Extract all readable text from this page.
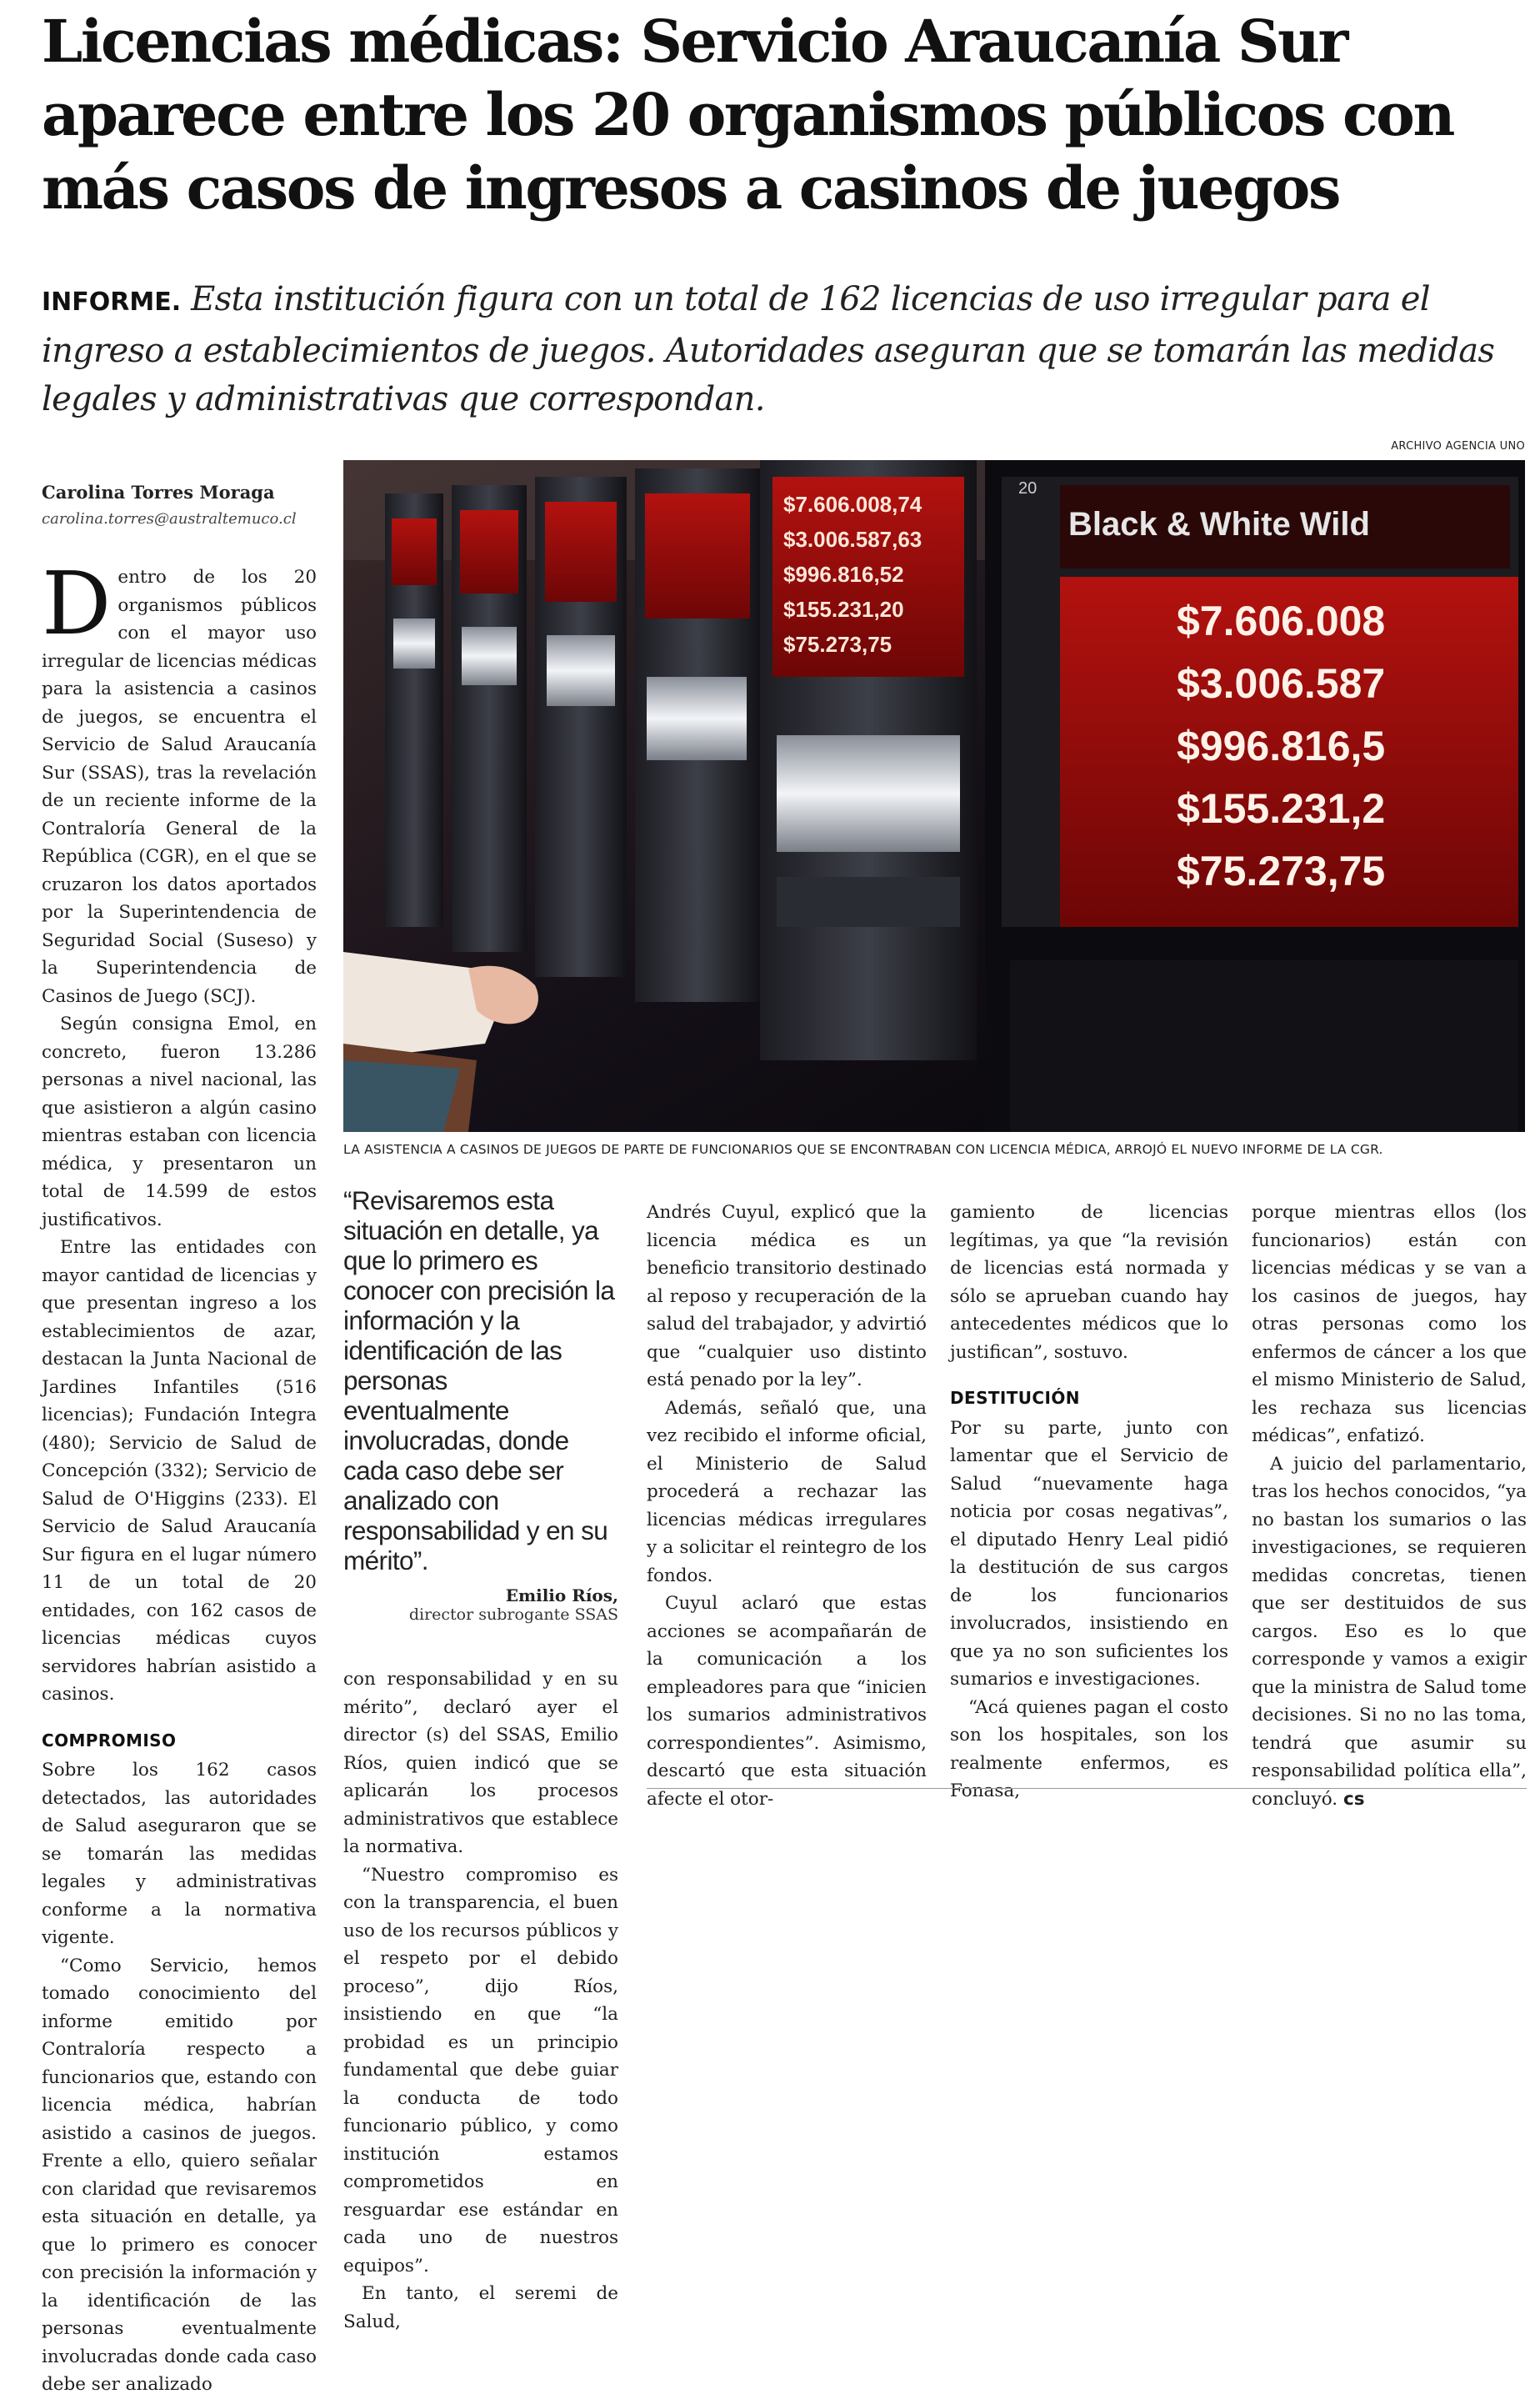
Licencias médicas: Servicio Araucanía Sur aparece entre los 20 organismos públicos con más casos de ingresos a casinos de juegos

INFORME. Esta institución figura con un total de 162 licencias de uso irregular para el ingreso a establecimientos de juegos. Autoridades aseguran que se tomarán las medidas legales y administrativas que correspondan.

ARCHIVO AGENCIA UNO
Carolina Torres Moraga
carolina.torres@australtemuco.cl
$7.606.008,74
$3.006.587,63
$996.816,52
$155.231,20
$75.273,75
20
Black & White Wild
$7.606.008
$3.006.587
$996.816,5
$155.231,2
$75.273,75
LA ASISTENCIA A CASINOS DE JUEGOS DE PARTE DE FUNCIONARIOS QUE SE ENCONTRABAN CON LICENCIA MÉDICA, ARROJÓ EL NUEVO INFORME DE LA CGR.

Dentro de los 20 organismos públicos con el mayor uso irregular de licencias médicas para la asistencia a casinos de juegos, se encuentra el Servicio de Salud Araucanía Sur (SSAS), tras la revelación de un reciente informe de la Contraloría General de la República (CGR), en el que se cruzaron los datos aportados por la Superintendencia de Seguridad Social (Suseso) y la Superintendencia de Casinos de Juego (SCJ).

Según consigna Emol, en concreto, fueron 13.286 personas a nivel nacional, las que asistieron a algún casino mientras estaban con licencia médica, y presentaron un total de 14.599 de estos justificativos.

Entre las entidades con mayor cantidad de licencias y que presentan ingreso a los establecimientos de azar, destacan la Junta Nacional de Jardines Infantiles (516 licencias); Fundación Integra (480); Servicio de Salud de Concepción (332); Servicio de Salud de O'Higgins (233). El Servicio de Salud Araucanía Sur figura en el lugar número 11 de un total de 20 entidades, con 162 casos de licencias médicas cuyos servidores habrían asistido a casinos.

COMPROMISO

Sobre los 162 casos detectados, las autoridades de Salud aseguraron que se se tomarán las medidas legales y administrativas conforme a la normativa vigente.

“Como Servicio, hemos tomado conocimiento del informe emitido por Contraloría respecto a funcionarios que, estando con licencia médica, habrían asistido a casinos de juegos. Frente a ello, quiero señalar con claridad que revisaremos esta situación en detalle, ya que lo primero es conocer con precisión la información y la identificación de las personas eventualmente involucradas donde cada caso debe ser analizado

“Revisaremos esta situación en detalle, ya que lo primero es conocer con precisión la información y la identificación de las personas eventualmente involucradas, donde cada caso debe ser analizado con responsabilidad y en su mérito”.

Emilio Ríos,
director subrogante SSAS

con responsabilidad y en su mérito”, declaró ayer el director (s) del SSAS, Emilio Ríos, quien indicó que se aplicarán los procesos administrativos que establece la normativa.

“Nuestro compromiso es con la transparencia, el buen uso de los recursos públicos y el respeto por el debido proceso”, dijo Ríos, insistiendo en que “la probidad es un principio fundamental que debe guiar la conducta de todo funcionario público, y como institución estamos comprometidos en resguardar ese estándar en cada uno de nuestros equipos”.

En tanto, el seremi de Salud,

Andrés Cuyul, explicó que la licencia médica es un beneficio transitorio destinado al reposo y recuperación de la salud del trabajador, y advirtió que “cualquier uso distinto está penado por la ley”.

Además, señaló que, una vez recibido el informe oficial, el Ministerio de Salud procederá a rechazar las licencias médicas irregulares y a solicitar el reintegro de los fondos.

Cuyul aclaró que estas acciones se acompañarán de la comunicación a los empleadores para que “inicien los sumarios administrativos correspondientes”. Asimismo, descartó que esta situación afecte el otor-

gamiento de licencias legítimas, ya que “la revisión de licencias está normada y sólo se aprueban cuando hay antecedentes médicos que lo justifican”, sostuvo.

DESTITUCIÓN

Por su parte, junto con lamentar que el Servicio de Salud “nuevamente haga noticia por cosas negativas”, el diputado Henry Leal pidió la destitución de sus cargos de los funcionarios involucrados, insistiendo en que ya no son suficientes los sumarios e investigaciones.

“Acá quienes pagan el costo son los hospitales, son los realmente enfermos, es Fonasa,

porque mientras ellos (los funcionarios) están con licencias médicas y se van a los casinos de juegos, hay otras personas como los enfermos de cáncer a los que el mismo Ministerio de Salud, les rechaza sus licencias médicas”, enfatizó.

A juicio del parlamentario, tras los hechos conocidos, “ya no bastan los sumarios o las investigaciones, se requieren medidas concretas, tienen que ser destituidos de sus cargos. Eso es lo que corresponde y vamos a exigir que la ministra de Salud tome decisiones. Si no no las toma, tendrá que asumir su responsabilidad política ella”, concluyó. cs
